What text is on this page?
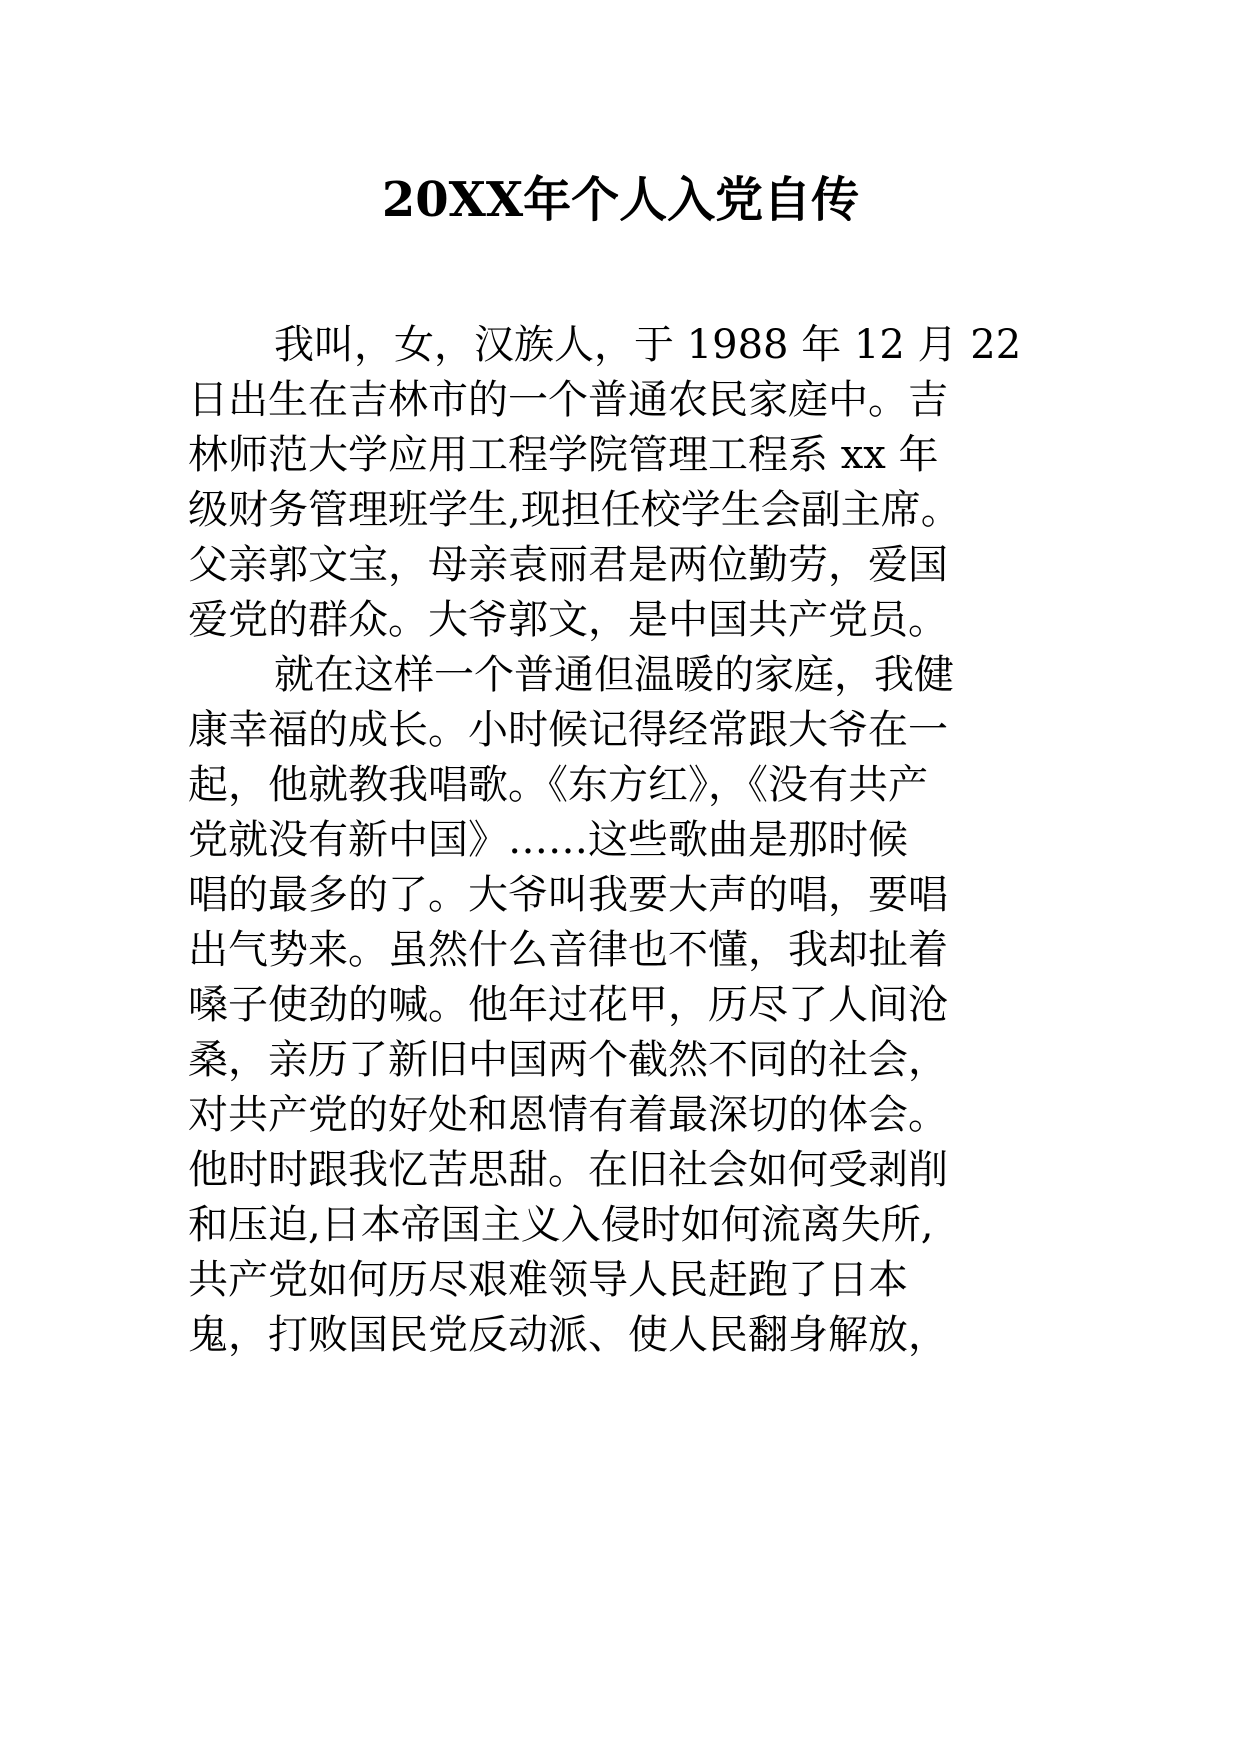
20XX年个人入党自传
我叫，女，汉族人，于 1988 年 12 月 22
日出生在吉林市的一个普通农民家庭中。吉
林师范大学应用工程学院管理工程系 xx 年
级财务管理班学生,现担任校学生会副主席。
父亲郭文宝，母亲袁丽君是两位勤劳，爱国
爱党的群众。大爷郭文，是中国共产党员。
就在这样一个普通但温暖的家庭，我健
康幸福的成长。小时候记得经常跟大爷在一
起，他就教我唱歌。《东方红》，《没有共产
党就没有新中国》……这些歌曲是那时候
唱的最多的了。大爷叫我要大声的唱，要唱
出气势来。虽然什么音律也不懂，我却扯着
嗓子使劲的喊。他年过花甲，历尽了人间沧
桑，亲历了新旧中国两个截然不同的社会，
对共产党的好处和恩情有着最深切的体会。
他时时跟我忆苦思甜。在旧社会如何受剥削
和压迫,日本帝国主义入侵时如何流离失所,
共产党如何历尽艰难领导人民赶跑了日本
鬼，打败国民党反动派、使人民翻身解放，
